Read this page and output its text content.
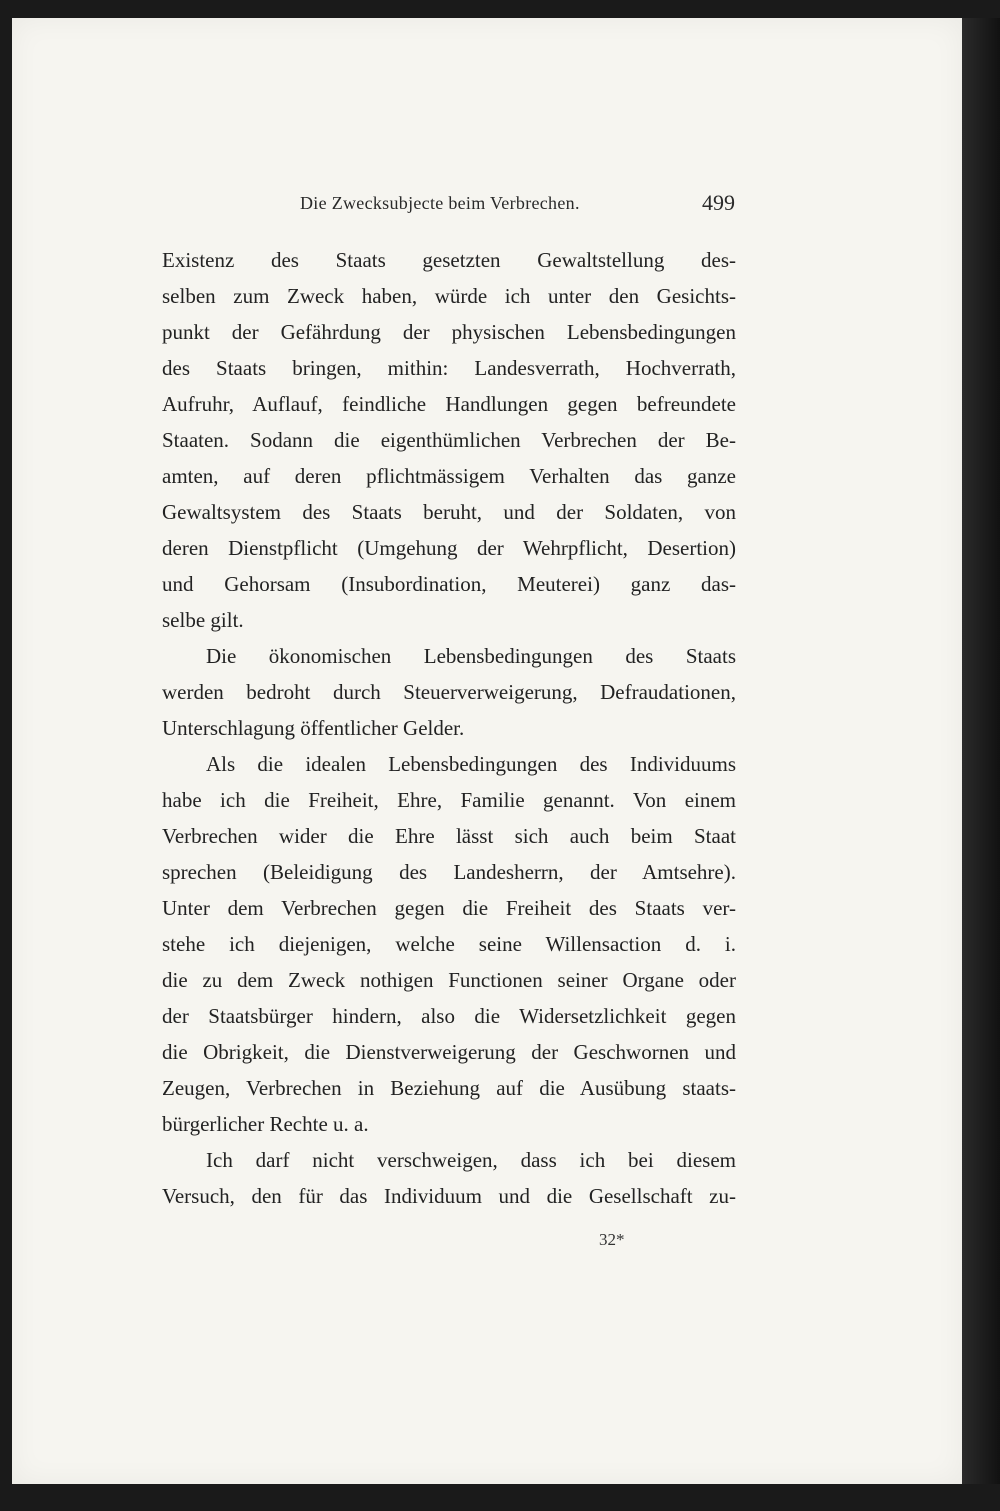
Die Zwecksubjecte beim Verbrechen.	499
Existenz des Staats gesetzten Gewaltstellung des-
selben zum Zweck haben, würde ich unter den Gesichts-
punkt der Gefährdung der physischen Lebensbedingungen
des Staats bringen, mithin: Landesverrath, Hochverrath,
Aufruhr, Auflauf, feindliche Handlungen gegen befreundete
Staaten. Sodann die eigenthümlichen Verbrechen der Be-
amten, auf deren pflichtmässigem Verhalten das ganze
Gewaltsystem des Staats beruht, und der Soldaten, von
deren Dienstpflicht (Umgehung der Wehrpflicht, Desertion)
und Gehorsam (Insubordination, Meuterei) ganz das-
selbe gilt.
Die ökonomischen Lebensbedingungen des Staats
werden bedroht durch Steuerverweigerung, Defraudationen,
Unterschlagung öffentlicher Gelder.
Als die idealen Lebensbedingungen des Individuums
habe ich die Freiheit, Ehre, Familie genannt. Von einem
Verbrechen wider die Ehre lässt sich auch beim Staat
sprechen (Beleidigung des Landesherrn, der Amtsehre).
Unter dem Verbrechen gegen die Freiheit des Staats ver-
stehe ich diejenigen, welche seine Willensaction d. i.
die zu dem Zweck nothigen Functionen seiner Organe oder
der Staatsbürger hindern, also die Widersetzlichkeit gegen
die Obrigkeit, die Dienstverweigerung der Geschwornen und
Zeugen, Verbrechen in Beziehung auf die Ausübung staats-
bürgerlicher Rechte u. a.
Ich darf nicht verschweigen, dass ich bei diesem
Versuch, den für das Individuum und die Gesellschaft zu-
32*
